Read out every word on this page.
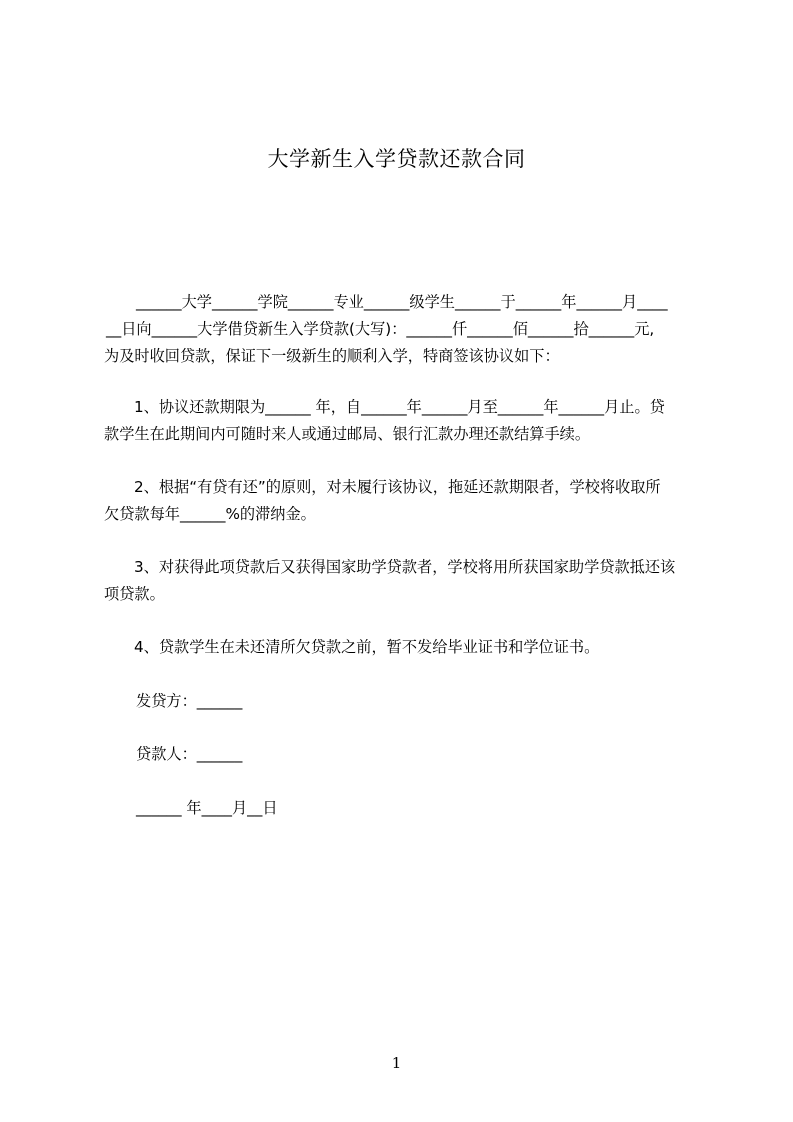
大学新生入学贷款还款合同
______大学______学院______专业______级学生______于______年______月____
__日向______大学借贷新生入学贷款(大写)：______仟______佰______拾______元,
为及时收回贷款，保证下一级新生的顺利入学，特商签该协议如下：
1、协议还款期限为______ 年，自______年______月至______年______月止。贷
款学生在此期间内可随时来人或通过邮局、银行汇款办理还款结算手续。
2、根据“有贷有还”的原则，对未履行该协议，拖延还款期限者，学校将收取所
欠贷款每年______%的滞纳金。
3、对获得此项贷款后又获得国家助学贷款者，学校将用所获国家助学贷款抵还该
项贷款。
4、贷款学生在未还清所欠贷款之前，暂不发给毕业证书和学位证书。
发贷方：______
贷款人：______
______ 年____月__日
1
